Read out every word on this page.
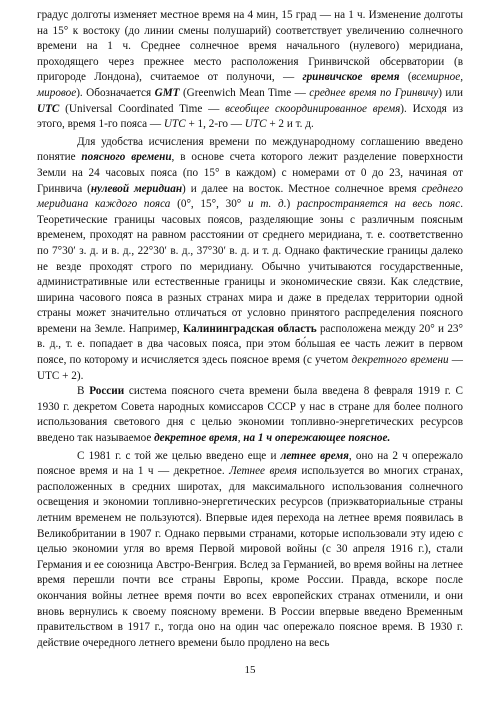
градус долготы изменяет местное время на 4 мин, 15 град — на 1 ч. Изменение долготы на 15° к востоку (до линии смены полушарий) соответствует увеличению солнечного времени на 1 ч. Среднее солнечное время начального (нулевого) меридиана, проходящего через прежнее место расположения Гринвичской обсерватории (в пригороде Лондона), считаемое от полуночи, — гринвичское время (всемирное, мировое). Обозначается GMT (Greenwich Mean Time — среднее время по Гринвичу) или UTC (Universal Coordinated Time — всеобщее скоординированное время). Исходя из этого, время 1-го пояса — UTC + 1, 2-го — UTC + 2 и т. д.

Для удобства исчисления времени по международному соглашению введено понятие поясного времени, в основе счета которого лежит разделение поверхности Земли на 24 часовых пояса (по 15° в каждом) с номерами от 0 до 23, начиная от Гринвича (нулевой меридиан) и далее на восток. Местное солнечное время среднего меридиана каждого пояса (0°, 15°, 30° и т. д.) распространяется на весь пояс. Теоретические границы часовых поясов, разделяющие зоны с различным поясным временем, проходят на равном расстоянии от среднего меридиана, т. е. соответственно по 7°30′ з. д. и в. д., 22°30′ в. д., 37°30′ в. д. и т. д. Однако фактические границы далеко не везде проходят строго по меридиану. Обычно учитываются государственные, административные или естественные границы и экономические связи. Как следствие, ширина часового пояса в разных странах мира и даже в пределах территории одной страны может значительно отличаться от условно принятого распределения поясного времени на Земле. Например, Калининградская область расположена между 20° и 23° в. д., т. е. попадает в два часовых пояса, при этом бо́льшая ее часть лежит в первом поясе, по которому и исчисляется здесь поясное время (с учетом декретного времени — UTC + 2).

В России система поясного счета времени была введена 8 февраля 1919 г. С 1930 г. декретом Совета народных комиссаров СССР у нас в стране для более полного использования светового дня с целью экономии топливно-энергетических ресурсов введено так называемое декретное время, на 1 ч опережающее поясное.

С 1981 г. с той же целью введено еще и летнее время, оно на 2 ч опережало поясное время и на 1 ч — декретное. Летнее время используется во многих странах, расположенных в средних широтах, для максимального использования солнечного освещения и экономии топливно-энергетических ресурсов (приэкваториальные страны летним временем не пользуются). Впервые идея перехода на летнее время появилась в Великобритании в 1907 г. Однако первыми странами, которые использовали эту идею с целью экономии угля во время Первой мировой войны (с 30 апреля 1916 г.), стали Германия и ее союзница Австро-Венгрия. Вслед за Германией, во время войны на летнее время перешли почти все страны Европы, кроме России. Правда, вскоре после окончания войны летнее время почти во всех европейских странах отменили, и они вновь вернулись к своему поясному времени. В России впервые введено Временным правительством в 1917 г., тогда оно на один час опережало поясное время. В 1930 г. действие очередного летнего времени было продлено на весь

15
